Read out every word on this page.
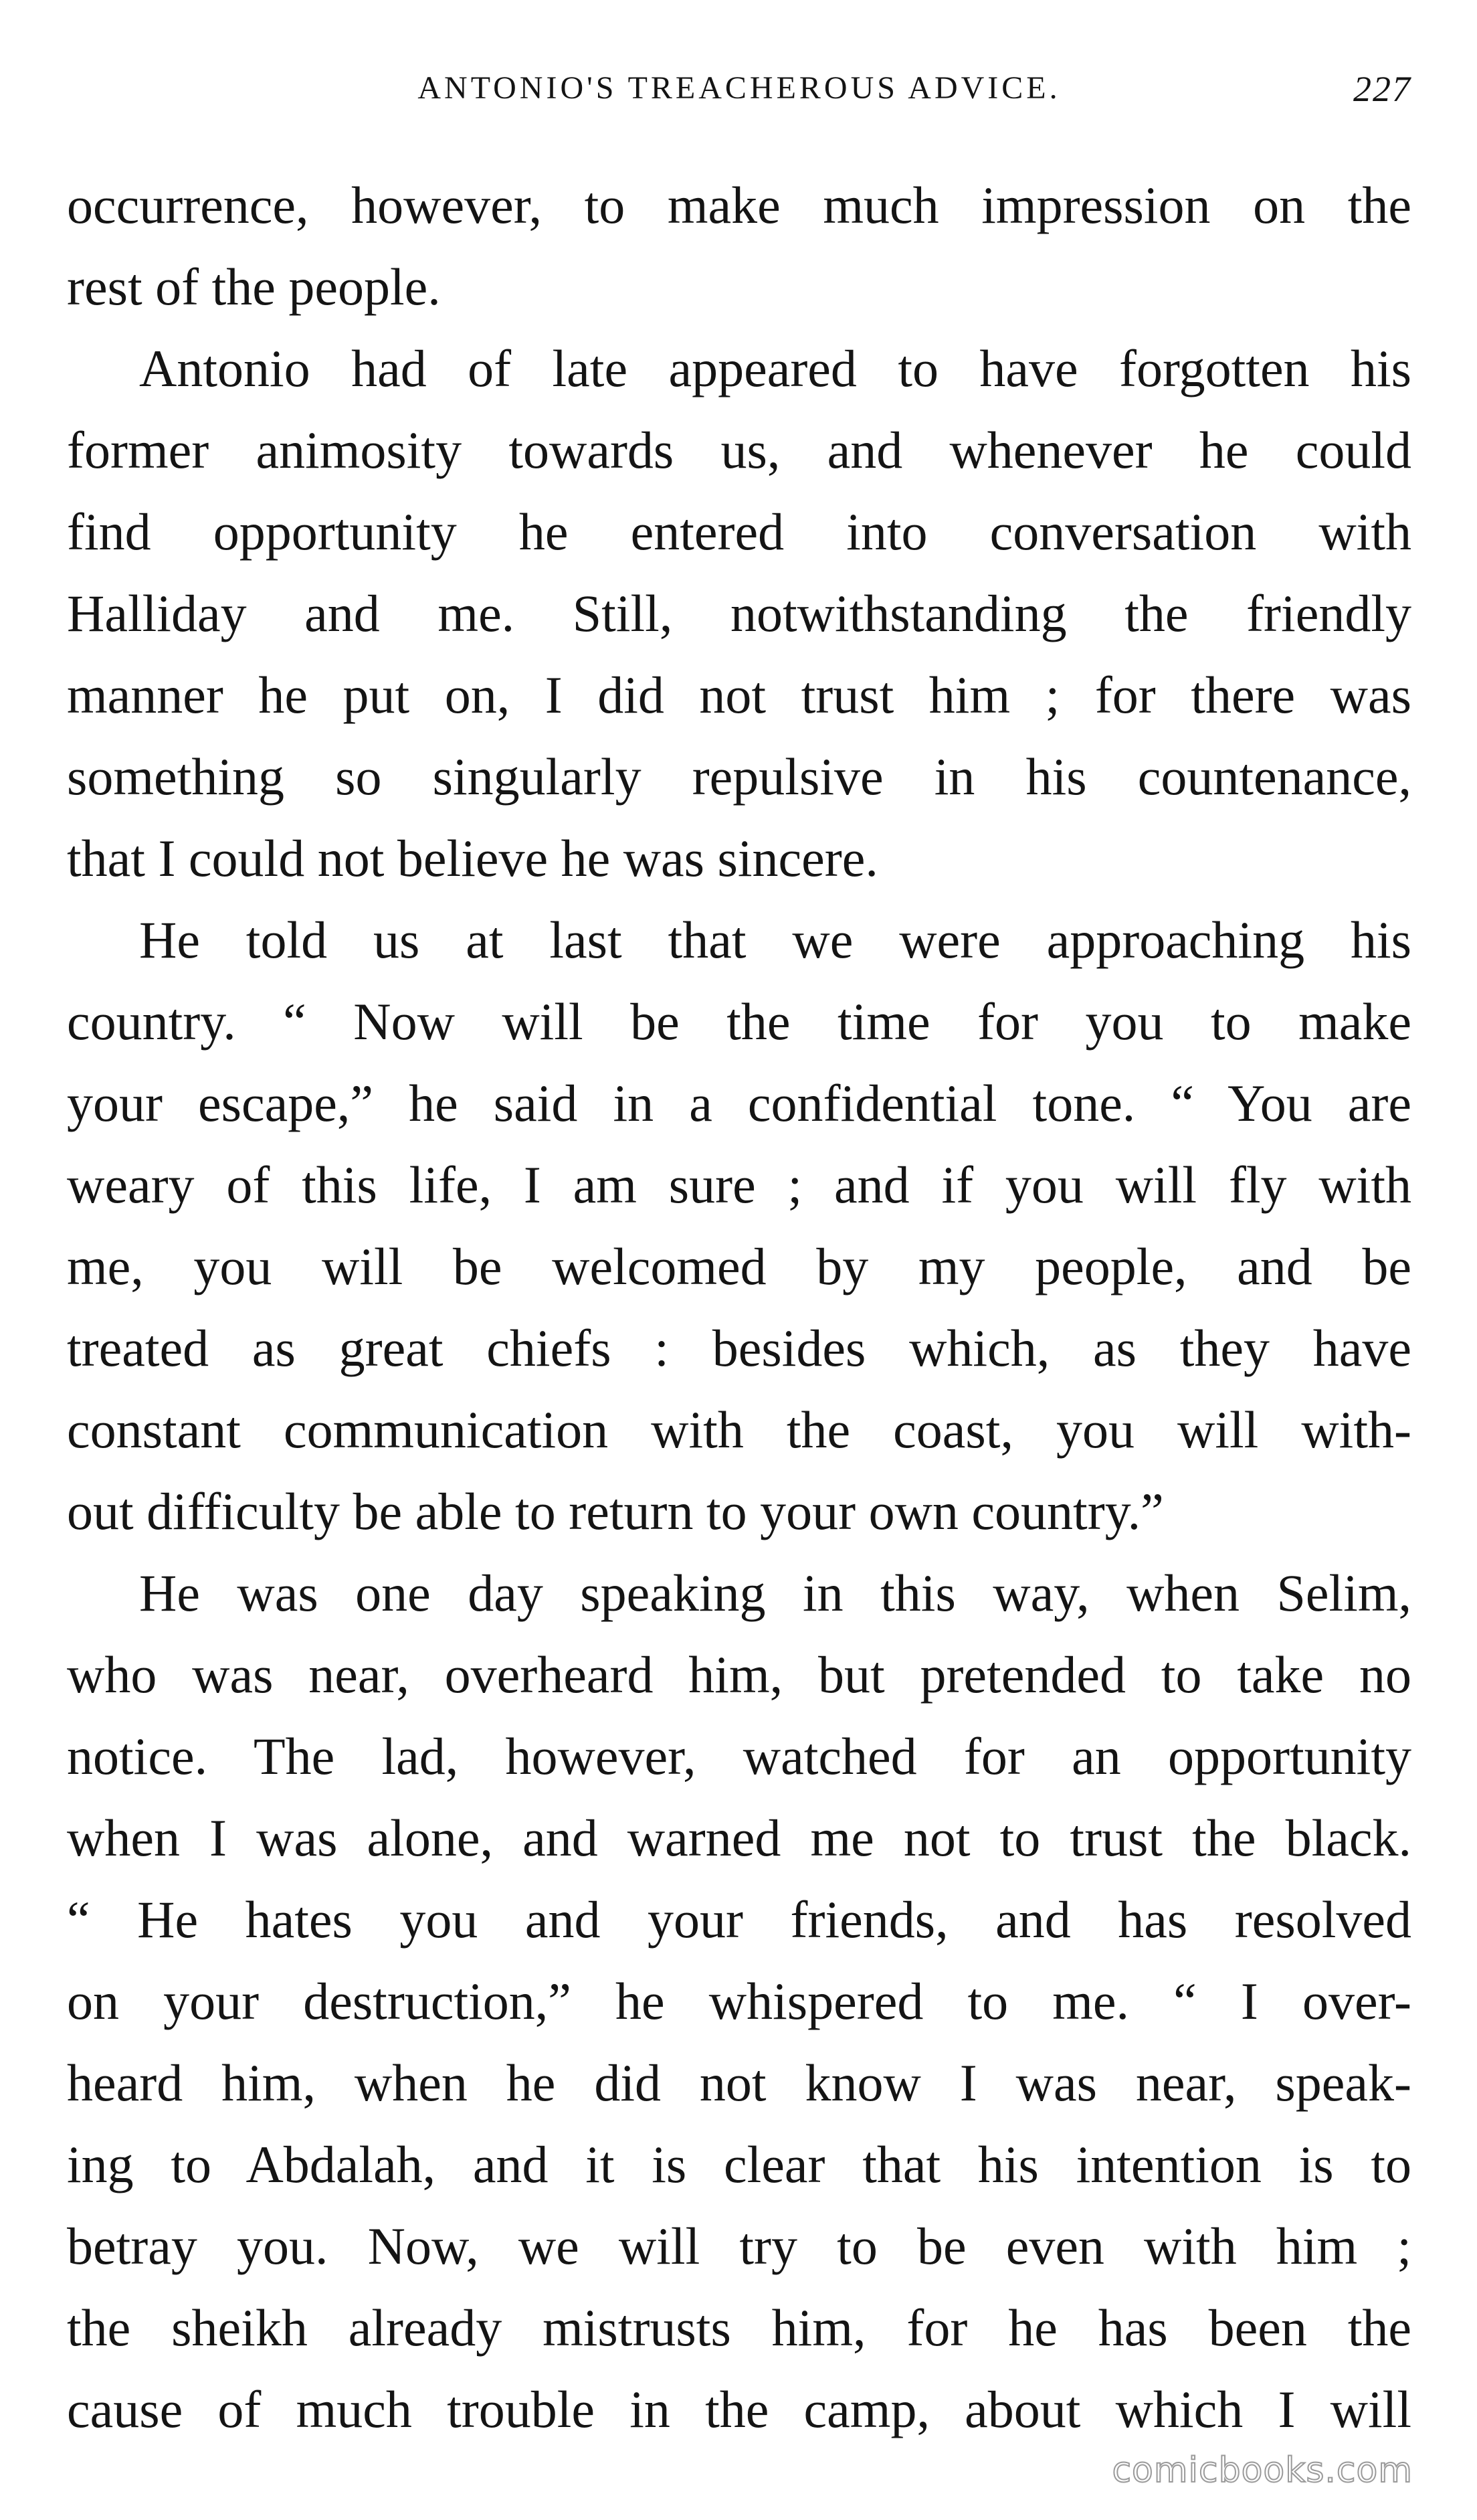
ANTONIO'S TREACHEROUS ADVICE.	227
occurrence, however, to make much impression on the
rest of the people.
Antonio had of late appeared to have forgotten his
former animosity towards us, and whenever he could
find opportunity he entered into conversation with
Halliday and me. Still, notwithstanding the friendly
manner he put on, I did not trust him ; for there was
something so singularly repulsive in his countenance,
that I could not believe he was sincere.
He told us at last that we were approaching his
country. “ Now will be the time for you to make
your escape,” he said in a confidential tone. “ You are
weary of this life, I am sure ; and if you will fly with
me, you will be welcomed by my people, and be
treated as great chiefs : besides which, as they have
constant communication with the coast, you will with-
out difficulty be able to return to your own country.”
He was one day speaking in this way, when Selim,
who was near, overheard him, but pretended to take no
notice. The lad, however, watched for an opportunity
when I was alone, and warned me not to trust the black.
“ He hates you and your friends, and has resolved
on your destruction,” he whispered to me. “ I over-
heard him, when he did not know I was near, speak-
ing to Abdalah, and it is clear that his intention is to
betray you. Now, we will try to be even with him ;
the sheikh already mistrusts him, for he has been the
cause of much trouble in the camp, about which I will
comicbooks.com
